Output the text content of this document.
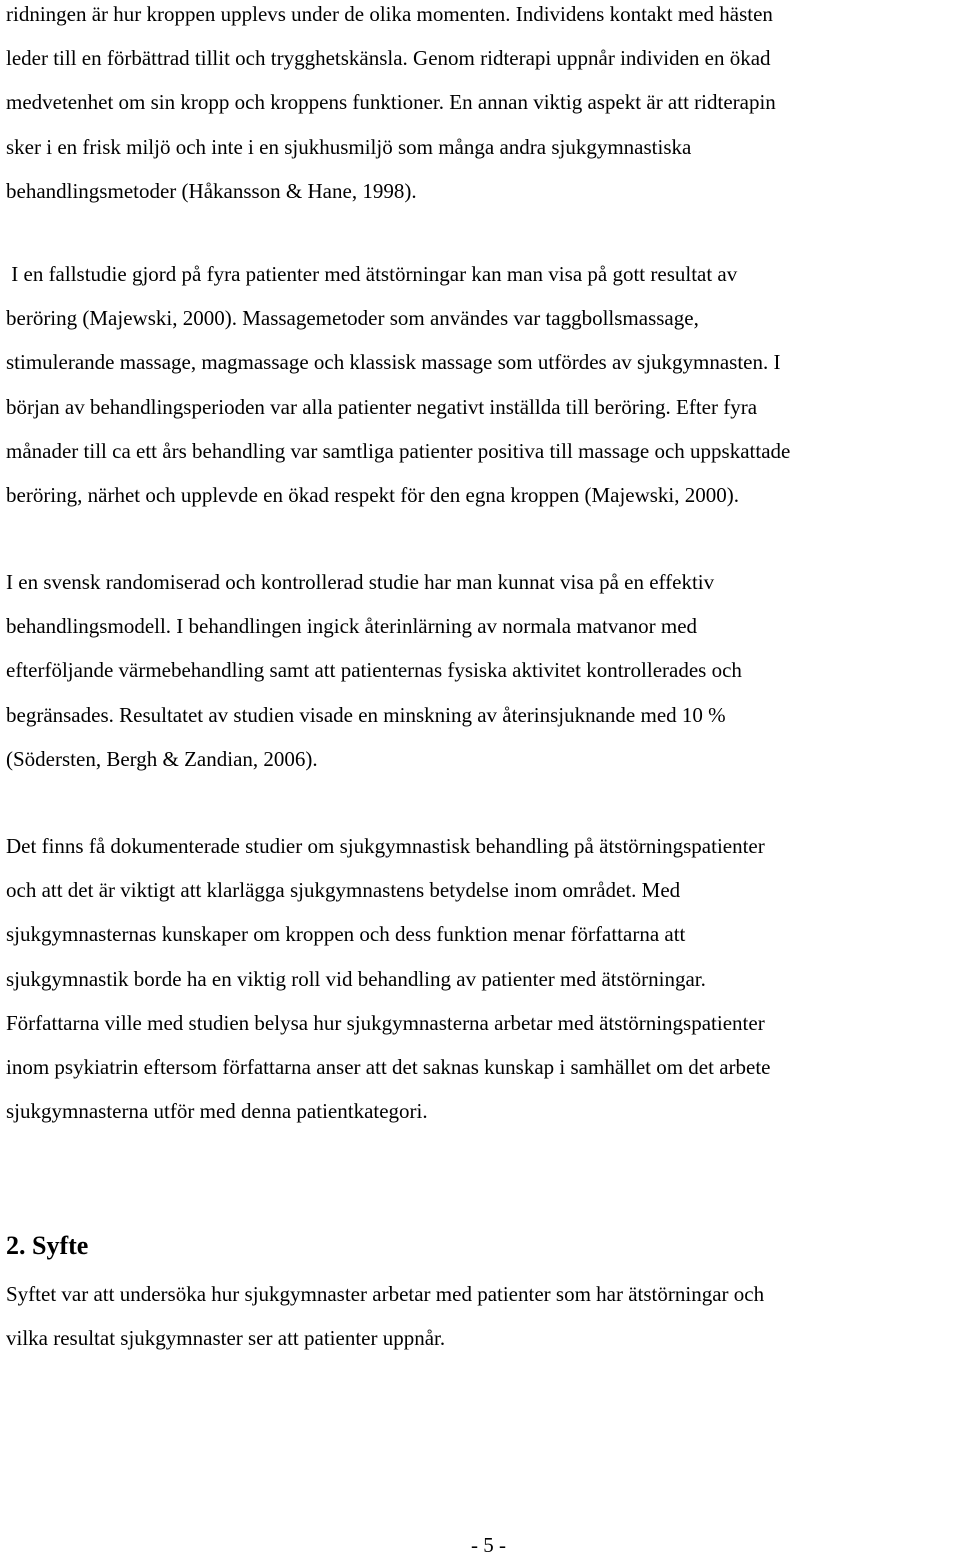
ridningen är hur kroppen upplevs under de olika momenten. Individens kontakt med hästen
leder till en förbättrad tillit och trygghetskänsla. Genom ridterapi uppnår individen en ökad
medvetenhet om sin kropp och kroppens funktioner. En annan viktig aspekt är att ridterapin
sker i en frisk miljö och inte i en sjukhusmiljö som många andra sjukgymnastiska
behandlingsmetoder (Håkansson & Hane, 1998).

I en fallstudie gjord på fyra patienter med ätstörningar kan man visa på gott resultat av
beröring (Majewski, 2000). Massagemetoder som användes var taggbollsmassage,
stimulerande massage, magmassage och klassisk massage som utfördes av sjukgymnasten. I
början av behandlingsperioden var alla patienter negativt inställda till beröring. Efter fyra
månader till ca ett års behandling var samtliga patienter positiva till massage och uppskattade
beröring, närhet och upplevde en ökad respekt för den egna kroppen (Majewski, 2000).

I en svensk randomiserad och kontrollerad studie har man kunnat visa på en effektiv
behandlingsmodell. I behandlingen ingick återinlärning av normala matvanor med
efterföljande värmebehandling samt att patienternas fysiska aktivitet kontrollerades och
begränsades. Resultatet av studien visade en minskning av återinsjuknande med 10 %
(Södersten, Bergh & Zandian, 2006).

Det finns få dokumenterade studier om sjukgymnastisk behandling på ätstörningspatienter
och att det är viktigt att klarlägga sjukgymnastens betydelse inom området. Med
sjukgymnasternas kunskaper om kroppen och dess funktion menar författarna att
sjukgymnastik borde ha en viktig roll vid behandling av patienter med ätstörningar.
Författarna ville med studien belysa hur sjukgymnasterna arbetar med ätstörningspatienter
inom psykiatrin eftersom författarna anser att det saknas kunskap i samhället om det arbete
sjukgymnasterna utför med denna patientkategori.

2. Syfte

Syftet var att undersöka hur sjukgymnaster arbetar med patienter som har ätstörningar och
vilka resultat sjukgymnaster ser att patienter uppnår.

- 5 -
